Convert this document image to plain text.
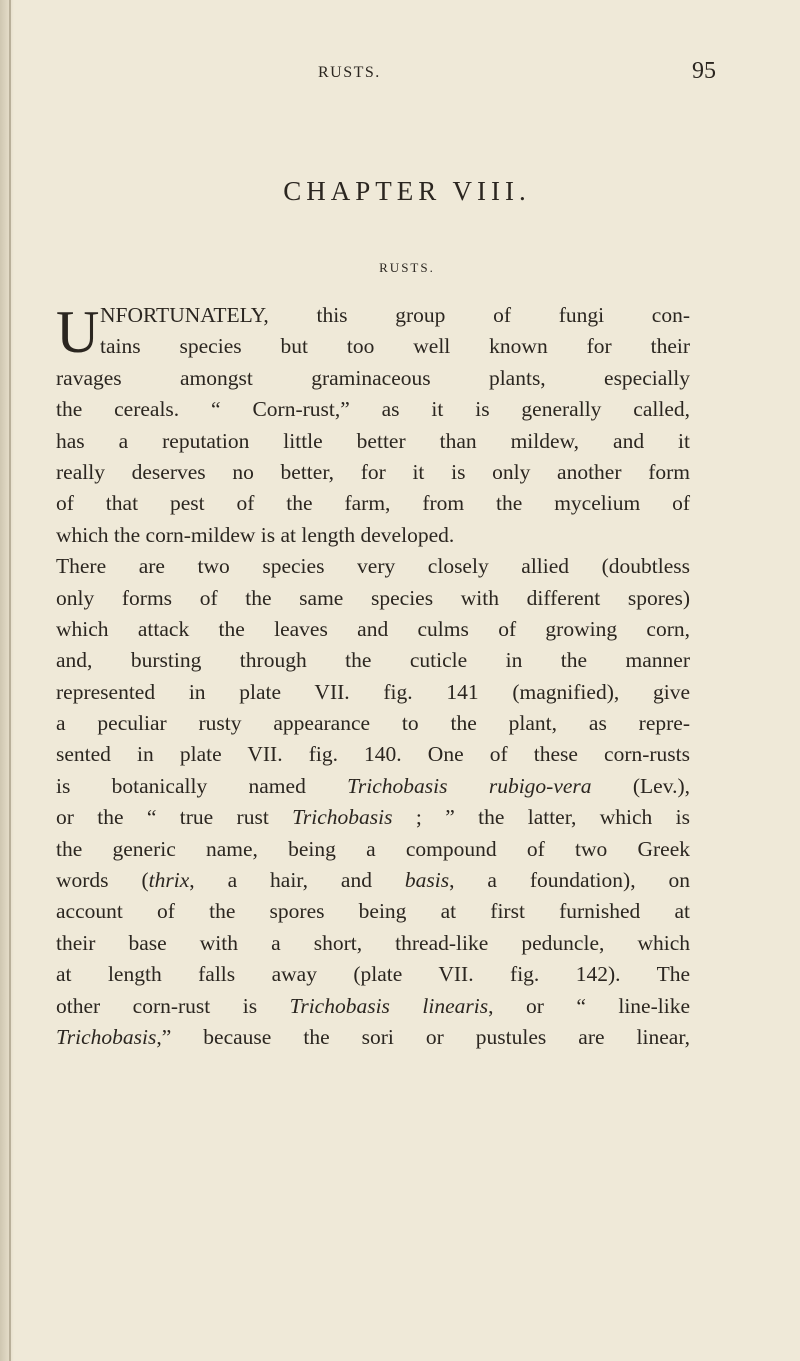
RUSTS.	95
CHAPTER VIII.
RUSTS.
U NFORTUNATELY, this group of fungi con-
tains species but too well known for their
ravages amongst graminaceous plants, especially
the cereals. “ Corn-rust,” as it is generally called,
has a reputation little better than mildew, and it
really deserves no better, for it is only another form
of that pest of the farm, from the mycelium of
which the corn-mildew is at length developed.
There are two species very closely allied (doubtless
only forms of the same species with different spores)
which attack the leaves and culms of growing corn,
and, bursting through the cuticle in the manner
represented in plate VII. fig. 141 (magnified), give
a peculiar rusty appearance to the plant, as repre-
sented in plate VII. fig. 140. One of these corn-rusts
is botanically named Trichobasis rubigo-vera (Lev.),
or the “ true rust Trichobasis ; ” the latter, which is
the generic name, being a compound of two Greek
words (thrix, a hair, and basis, a foundation), on
account of the spores being at first furnished at
their base with a short, thread-like peduncle, which
at length falls away (plate VII. fig. 142). The
other corn-rust is Trichobasis linearis, or “ line-like
Trichobasis,” because the sori or pustules are linear,
